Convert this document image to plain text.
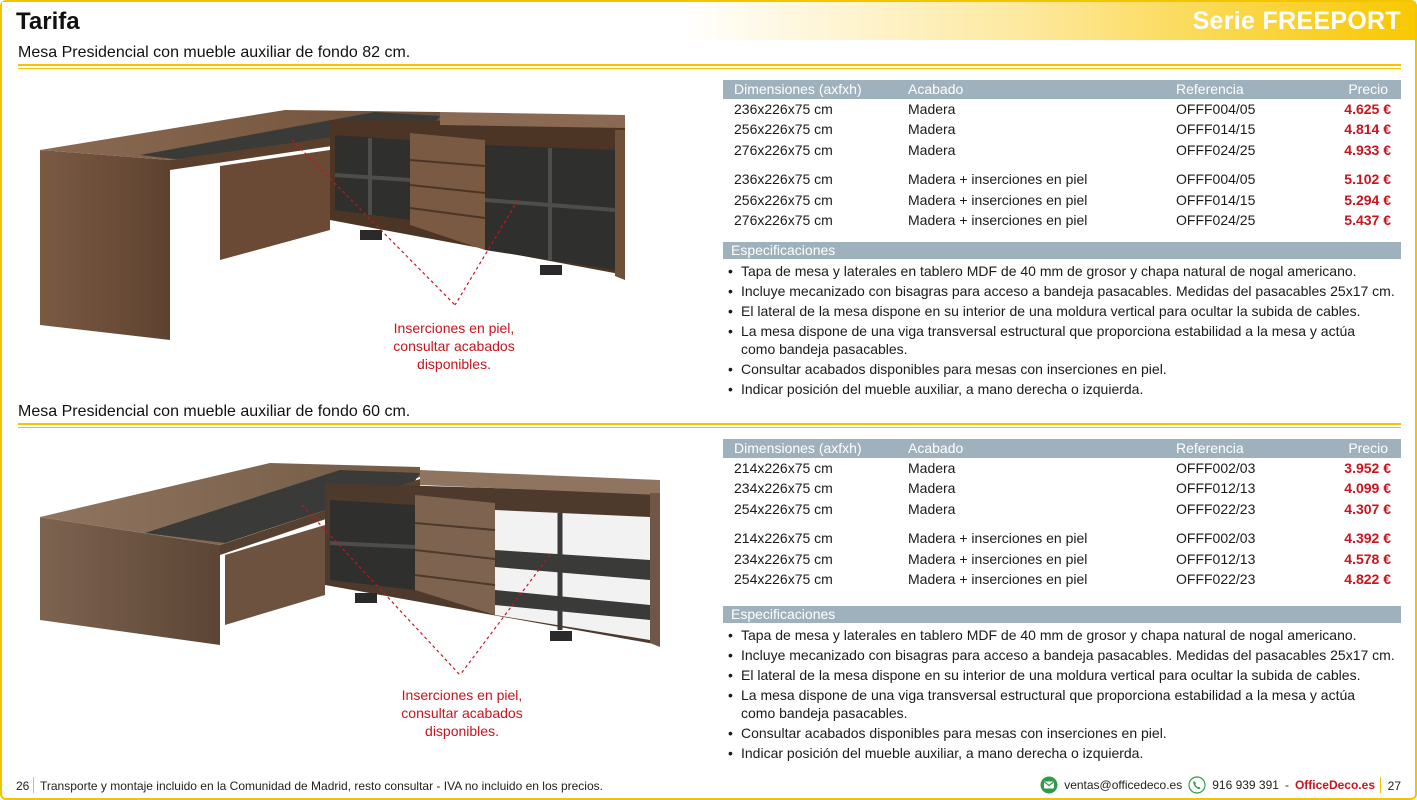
Tarifa	Serie FREEPORT
Mesa Presidencial con mueble auxiliar de fondo 82 cm.
Inserciones en piel,
consultar acabados
disponibles.
Dimensiones (axfxh)	Acabado	Referencia	Precio
236x226x75 cm	Madera	OFFF004/05	4.625 €
256x226x75 cm	Madera	OFFF014/15	4.814 €
276x226x75 cm	Madera	OFFF024/25	4.933 €
236x226x75 cm	Madera + inserciones en piel	OFFF004/05	5.102 €
256x226x75 cm	Madera + inserciones en piel	OFFF014/15	5.294 €
276x226x75 cm	Madera + inserciones en piel	OFFF024/25	5.437 €
Especificaciones
• Tapa de mesa y laterales en tablero MDF de 40 mm de grosor y chapa natural de nogal americano.
• Incluye mecanizado con bisagras para acceso a bandeja pasacables. Medidas del pasacables 25x17 cm.
• El lateral de la mesa dispone en su interior de una moldura vertical para ocultar la subida de cables.
• La mesa dispone de una viga transversal estructural que proporciona estabilidad a la mesa y actúa como bandeja pasacables.
• Consultar acabados disponibles para mesas con inserciones en piel.
• Indicar posición del mueble auxiliar, a mano derecha o izquierda.
Mesa Presidencial con mueble auxiliar de fondo 60 cm.
Inserciones en piel,
consultar acabados
disponibles.
Dimensiones (axfxh)	Acabado	Referencia	Precio
214x226x75 cm	Madera	OFFF002/03	3.952 €
234x226x75 cm	Madera	OFFF012/13	4.099 €
254x226x75 cm	Madera	OFFF022/23	4.307 €
214x226x75 cm	Madera + inserciones en piel	OFFF002/03	4.392 €
234x226x75 cm	Madera + inserciones en piel	OFFF012/13	4.578 €
254x226x75 cm	Madera + inserciones en piel	OFFF022/23	4.822 €
Especificaciones
• Tapa de mesa y laterales en tablero MDF de 40 mm de grosor y chapa natural de nogal americano.
• Incluye mecanizado con bisagras para acceso a bandeja pasacables. Medidas del pasacables 25x17 cm.
• El lateral de la mesa dispone en su interior de una moldura vertical para ocultar la subida de cables.
• La mesa dispone de una viga transversal estructural que proporciona estabilidad a la mesa y actúa como bandeja pasacables.
• Consultar acabados disponibles para mesas con inserciones en piel.
• Indicar posición del mueble auxiliar, a mano derecha o izquierda.
26 Transporte y montaje incluido en la Comunidad de Madrid, resto consultar - IVA no incluido en los precios.	ventas@officedeco.es	916 939 391 - OfficeDeco.es 27
